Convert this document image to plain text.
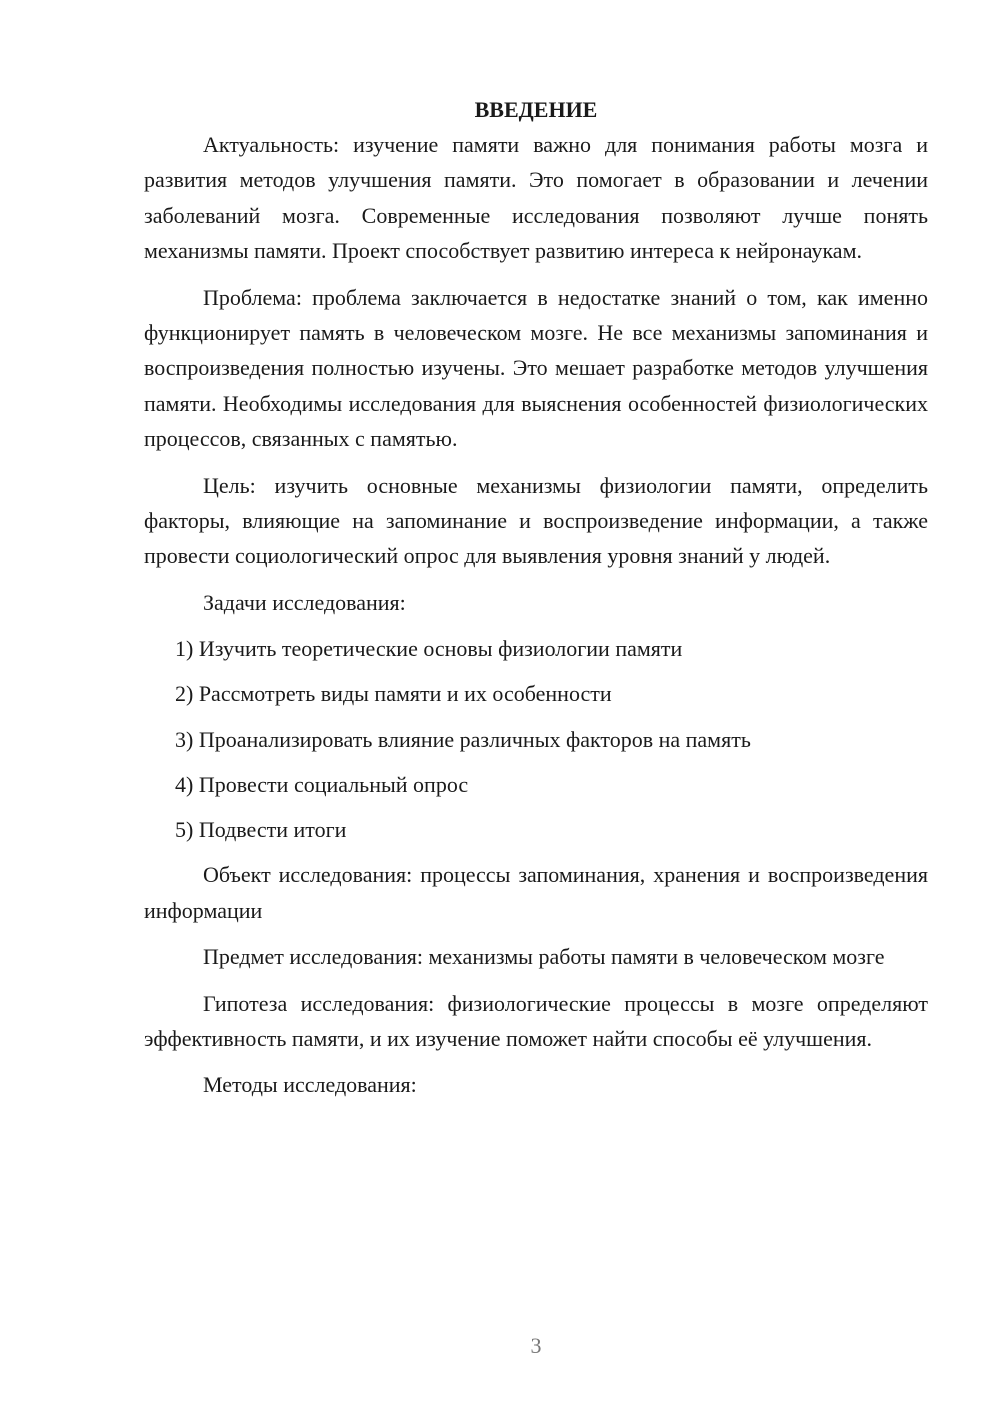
ВВЕДЕНИЕ

Актуальность: изучение памяти важно для понимания работы мозга и развития методов улучшения памяти. Это помогает в образовании и лечении заболеваний мозга. Современные исследования позволяют лучше понять механизмы памяти. Проект способствует развитию интереса к нейронаукам.

Проблема: проблема заключается в недостатке знаний о том, как именно функционирует память в человеческом мозге. Не все механизмы запоминания и воспроизведения полностью изучены. Это мешает разработке методов улучшения памяти. Необходимы исследования для выяснения особенностей физиологических процессов, связанных с памятью.

Цель: изучить основные механизмы физиологии памяти, определить факторы, влияющие на запоминание и воспроизведение информации, а также провести социологический опрос для выявления уровня знаний у людей.

Задачи исследования:

1) Изучить теоретические основы физиологии памяти
2) Рассмотреть виды памяти и их особенности
3) Проанализировать влияние различных факторов на память
4) Провести социальный опрос
5) Подвести итоги

Объект исследования: процессы запоминания, хранения и воспроизведения информации

Предмет исследования: механизмы работы памяти в человеческом мозге

Гипотеза исследования: физиологические процессы в мозге определяют эффективность памяти, и их изучение поможет найти способы её улучшения.

Методы исследования:

3
